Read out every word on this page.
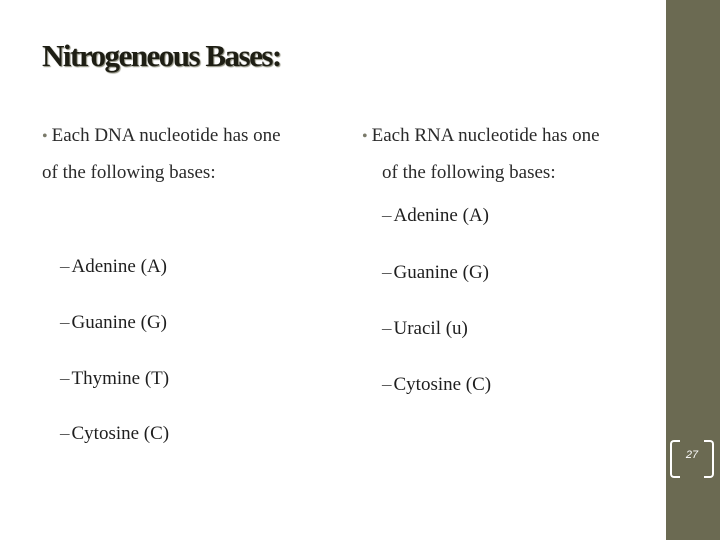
Nitrogeneous Bases:
• Each DNA nucleotide has one
of the following bases:
• Each RNA nucleotide has one
of the following bases:
– Adenine (A)
– Guanine (G)
– Thymine (T)
– Cytosine (C)
– Adenine (A)
– Guanine (G)
– Uracil (u)
– Cytosine (C)
27
